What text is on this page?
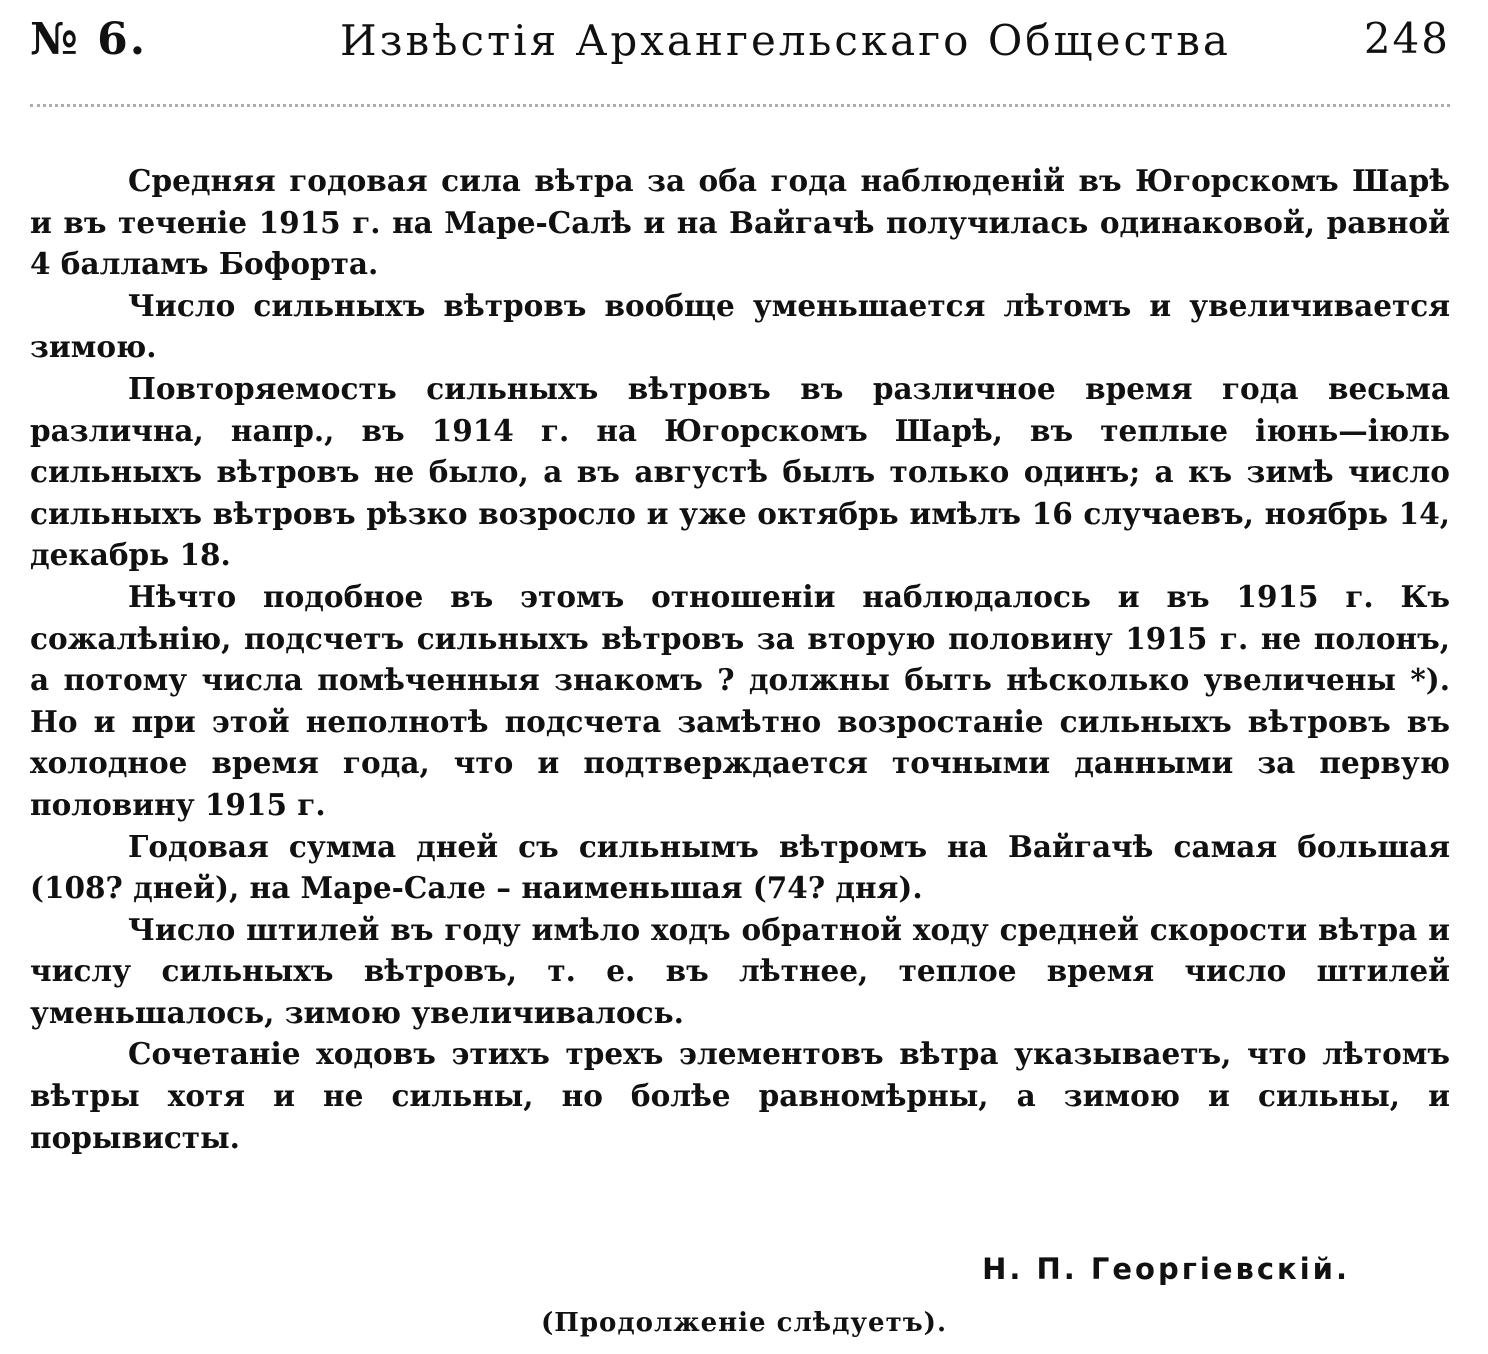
№ 6.	Извѣстія Архангельскаго Общества	248

Средняя годовая сила вѣтра за оба года наблюденій въ Югорскомъ Шарѣ и въ теченіе 1915 г. на Маре-Салѣ и на Вайгачѣ получилась одинаковой, равной 4 балламъ Бофорта.

Число сильныхъ вѣтровъ вообще уменьшается лѣтомъ и увеличивается зимою.

Повторяемость сильныхъ вѣтровъ въ различное время года весьма различна, напр., въ 1914 г. на Югорскомъ Шарѣ, въ теплые іюнь—іюль сильныхъ вѣтровъ не было, а въ августѣ былъ только одинъ; а къ зимѣ число сильныхъ вѣтровъ рѣзко возросло и уже октябрь имѣлъ 16 случаевъ, ноябрь 14, декабрь 18.

Нѣчто подобное въ этомъ отношеніи наблюдалось и въ 1915 г. Къ сожалѣнію, подсчетъ сильныхъ вѣтровъ за вторую половину 1915 г. не полонъ, а потому числа помѣченныя знакомъ ? должны быть нѣсколько увеличены *). Но и при этой неполнотѣ подсчета замѣтно возростаніе сильныхъ вѣтровъ въ холодное время года, что и подтверждается точными данными за первую половину 1915 г.

Годовая сумма дней съ сильнымъ вѣтромъ на Вайгачѣ самая большая (108? дней), на Маре-Сале – наименьшая (74? дня).

Число штилей въ году имѣло ходъ обратной ходу средней скорости вѣтра и числу сильныхъ вѣтровъ, т. е. въ лѣтнее, теплое время число штилей уменьшалось, зимою увеличивалось.

Сочетаніе ходовъ этихъ трехъ элементовъ вѣтра указываетъ, что лѣтомъ вѣтры хотя и не сильны, но болѣе равномѣрны, а зимою и сильны, и порывисты.

Н. П. Георгіевскій.
(Продолженіе слѣдуетъ).
